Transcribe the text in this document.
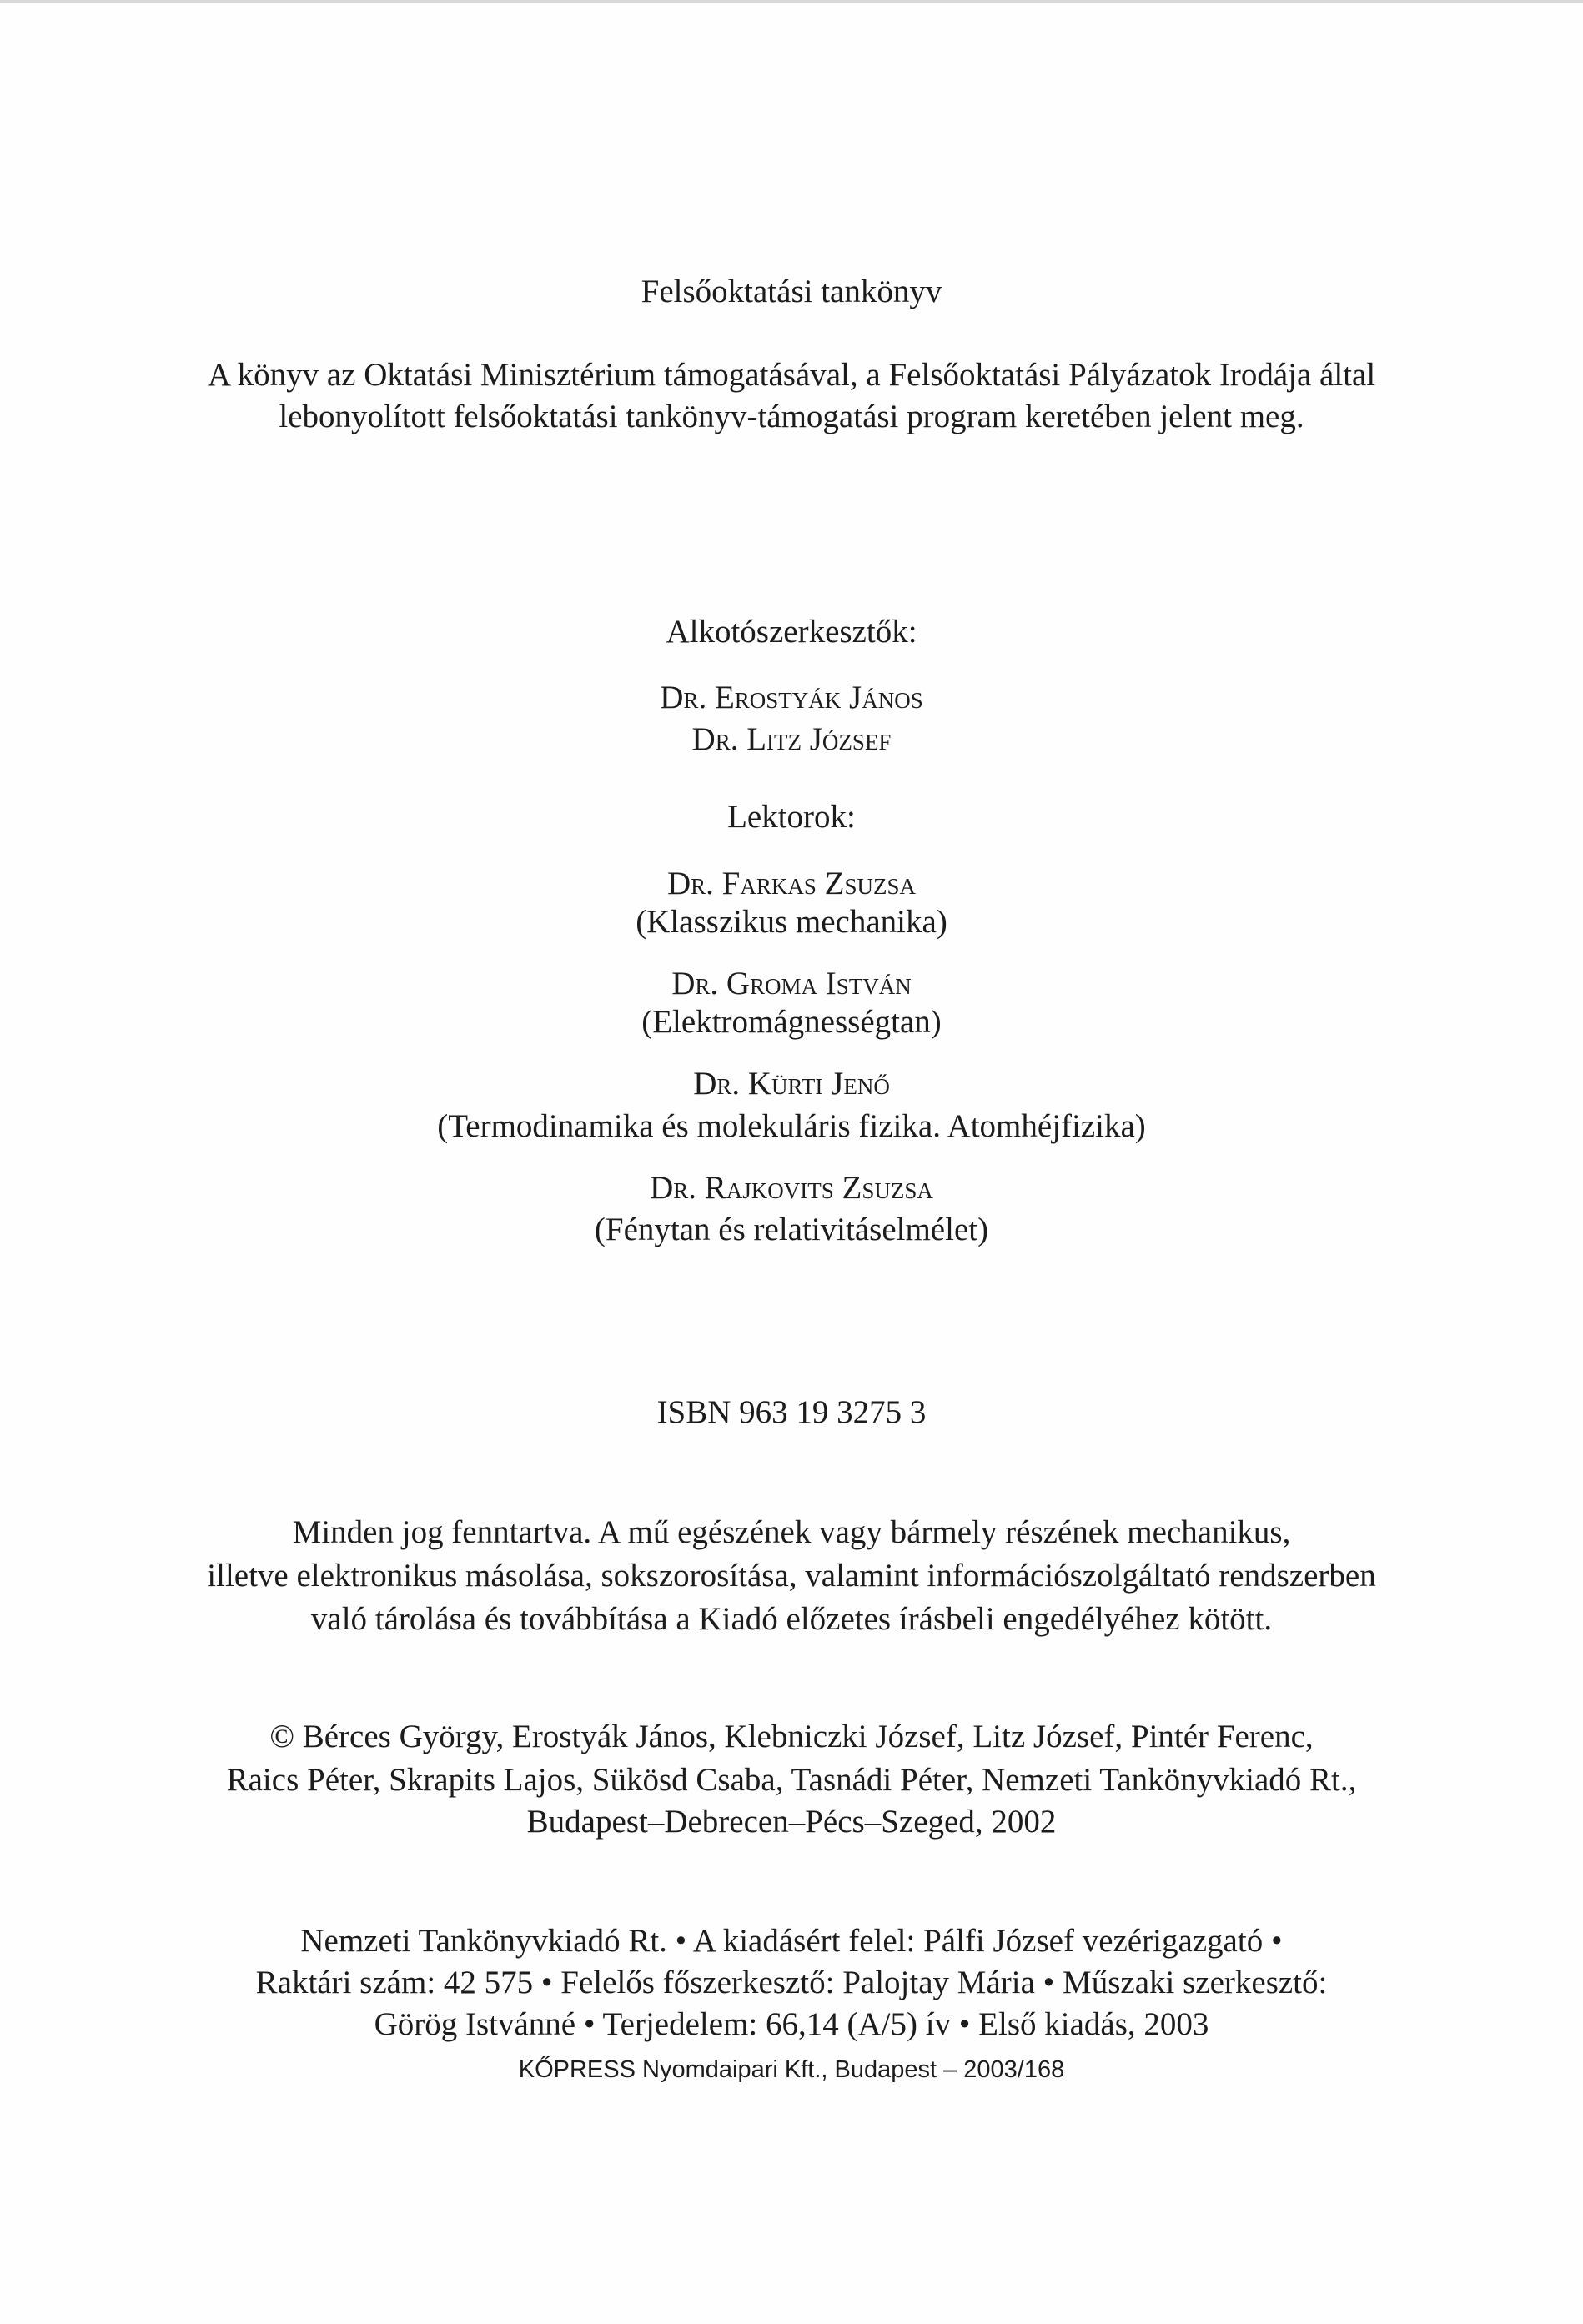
Felsőoktatási tankönyv
A könyv az Oktatási Minisztérium támogatásával, a Felsőoktatási Pályázatok Irodája által
lebonyolított felsőoktatási tankönyv-támogatási program keretében jelent meg.
Alkotószerkesztők:
Dr. Erostyák János
Dr. Litz József
Lektorok:
Dr. Farkas Zsuzsa
(Klasszikus mechanika)
Dr. Groma István
(Elektromágnességtan)
Dr. Kürti Jenő
(Termodinamika és molekuláris fizika. Atomhéjfizika)
Dr. Rajkovits Zsuzsa
(Fénytan és relativitáselmélet)
ISBN 963 19 3275 3
Minden jog fenntartva. A mű egészének vagy bármely részének mechanikus,
illetve elektronikus másolása, sokszorosítása, valamint információszolgáltató rendszerben
való tárolása és továbbítása a Kiadó előzetes írásbeli engedélyéhez kötött.
© Bérces György, Erostyák János, Klebniczki József, Litz József, Pintér Ferenc,
Raics Péter, Skrapits Lajos, Sükösd Csaba, Tasnádi Péter, Nemzeti Tankönyvkiadó Rt.,
Budapest–Debrecen–Pécs–Szeged, 2002
Nemzeti Tankönyvkiadó Rt. • A kiadásért felel: Pálfi József vezérigazgató •
Raktári szám: 42 575 • Felelős főszerkesztő: Palojtay Mária • Műszaki szerkesztő:
Görög Istvánné • Terjedelem: 66,14 (A/5) ív • Első kiadás, 2003
KŐPRESS Nyomdaipari Kft., Budapest – 2003/168
